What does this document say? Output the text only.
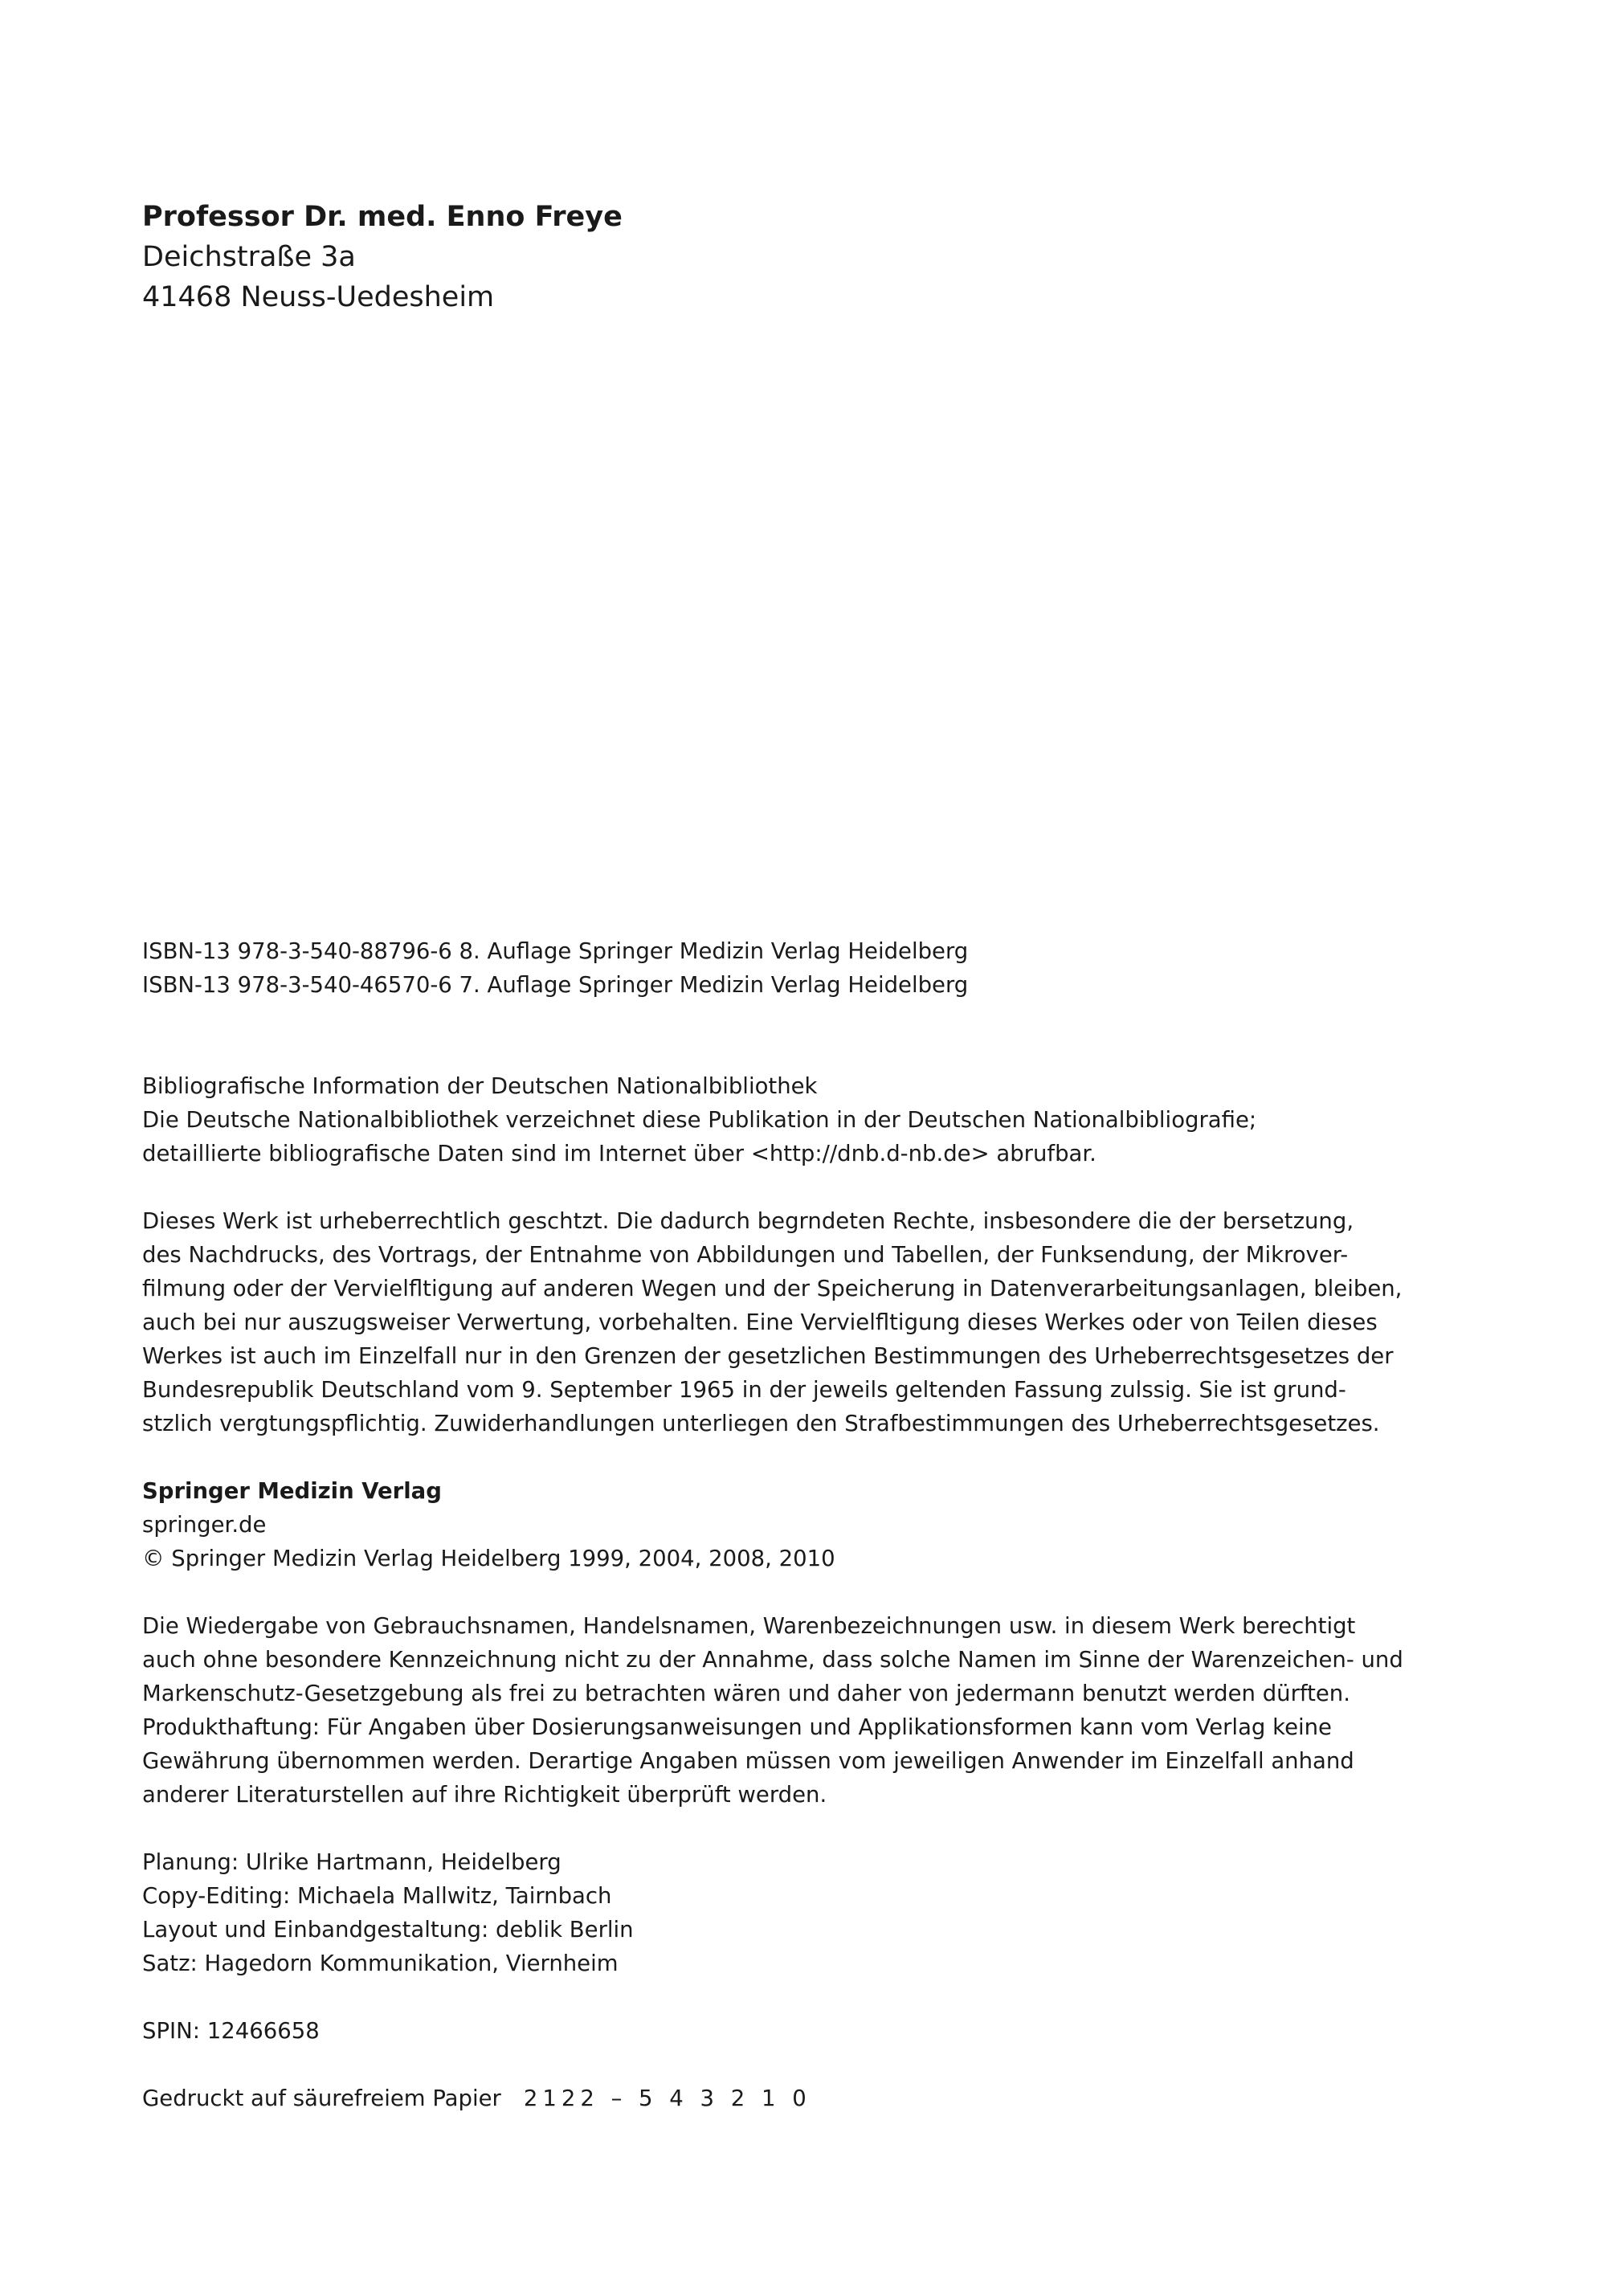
Professor Dr. med. Enno Freye
Deichstraße 3a
41468 Neuss-Uedesheim
ISBN-13 978-3-540-88796-6 8. Auflage Springer Medizin Verlag Heidelberg
ISBN-13 978-3-540-46570-6 7. Auflage Springer Medizin Verlag Heidelberg
Bibliografische Information der Deutschen Nationalbibliothek
Die Deutsche Nationalbibliothek verzeichnet diese Publikation in der Deutschen Nationalbibliografie;
detaillierte bibliografische Daten sind im Internet über <http://dnb.d-nb.de> abrufbar.
Dieses Werk ist urheberrechtlich geschtzt. Die dadurch begrndeten Rechte, insbesondere die der bersetzung,
des Nachdrucks, des Vortrags, der Entnahme von Abbildungen und Tabellen, der Funksendung, der Mikrover-
filmung oder der Vervielfltigung auf anderen Wegen und der Speicherung in Datenverarbeitungsanlagen, bleiben,
auch bei nur auszugsweiser Verwertung, vorbehalten. Eine Vervielfltigung dieses Werkes oder von Teilen dieses
Werkes ist auch im Einzelfall nur in den Grenzen der gesetzlichen Bestimmungen des Urheberrechtsgesetzes der
Bundesrepublik Deutschland vom 9. September 1965 in der jeweils geltenden Fassung zulssig. Sie ist grund-
stzlich vergtungspflichtig. Zuwiderhandlungen unterliegen den Strafbestimmungen des Urheberrechtsgesetzes.
Springer Medizin Verlag
springer.de
© Springer Medizin Verlag Heidelberg 1999, 2004, 2008, 2010
Die Wiedergabe von Gebrauchsnamen, Handelsnamen, Warenbezeichnungen usw. in diesem Werk berechtigt
auch ohne besondere Kennzeichnung nicht zu der Annahme, dass solche Namen im Sinne der Warenzeichen- und
Markenschutz-Gesetzgebung als frei zu betrachten wären und daher von jedermann benutzt werden dürften.
Produkthaftung: Für Angaben über Dosierungsanweisungen und Applikationsformen kann vom Verlag keine
Gewährung übernommen werden. Derartige Angaben müssen vom jeweiligen Anwender im Einzelfall anhand
anderer Literaturstellen auf ihre Richtigkeit überprüft werden.
Planung: Ulrike Hartmann, Heidelberg
Copy-Editing: Michaela Mallwitz, Tairnbach
Layout und Einbandgestaltung: deblik Berlin
Satz: Hagedorn Kommunikation, Viernheim
SPIN: 12466658
Gedruckt auf säurefreiem Papier 2122 – 5 4 3 2 1 0
